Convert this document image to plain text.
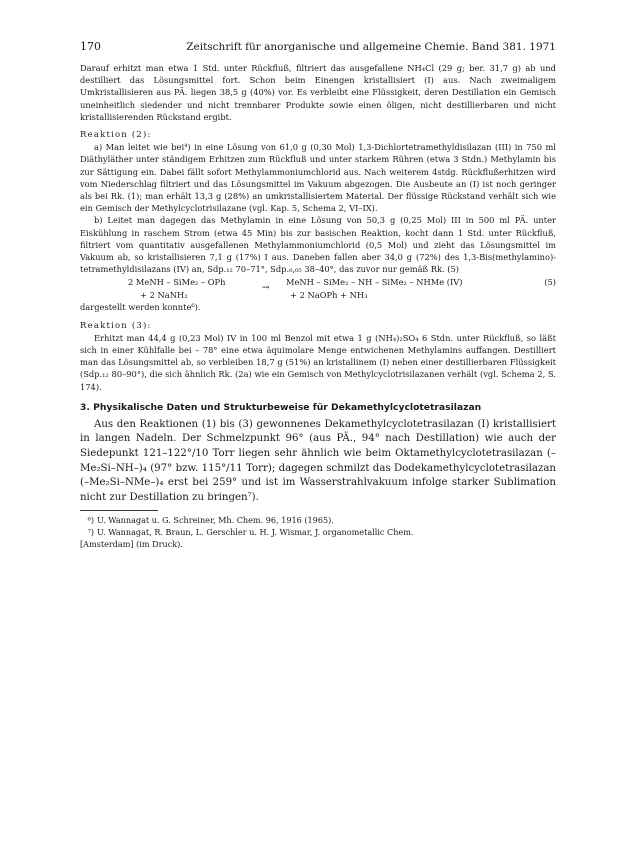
170	Zeitschrift für anorganische und allgemeine Chemie. Band 381. 1971

Darauf erhitzt man etwa 1 Std. unter Rückfluß, filtriert das ausgefallene NH₄Cl (29 g; ber. 31,7 g) ab und destilliert das Lösungsmittel fort. Schon beim Einengen kristallisiert (I) aus. Nach zweimaligem Umkristallisieren aus PÄ. liegen 38,5 g (40%) vor. Es verbleibt eine Flüssigkeit, deren Destillation ein Gemisch uneinheitlich siedender und nicht trennbarer Produkte sowie einen öligen, nicht destillierbaren und nicht kristallisierenden Rückstand ergibt.

Reaktion (2):

a) Man leitet wie bei⁴) in eine Lösung von 61,0 g (0,30 Mol) 1,3-Dichlortetramethyldisilazan (III) in 750 ml Diäthyläther unter ständigem Erhitzen zum Rückfluß und unter starkem Rühren (etwa 3 Stdn.) Methylamin bis zur Sättigung ein. Dabei fällt sofort Methylammoniumchlorid aus. Nach weiterem 4stdg. Rückflußerhitzen wird vom Niederschlag filtriert und das Lösungsmittel im Vakuum abgezogen. Die Ausbeute an (I) ist noch geringer als bei Rk. (1); man erhält 13,3 g (28%) an umkristallisiertem Material. Der flüssige Rückstand verhält sich wie ein Gemisch der Methylcyclotrisilazane (vgl. Kap. 5, Schema 2, VI–IX).

b) Leitet man dagegen das Methylamin in eine Lösung von 50,3 g (0,25 Mol) III in 500 ml PÄ. unter Eiskühlung in raschem Strom (etwa 45 Min) bis zur basischen Reaktion, kocht dann 1 Std. unter Rückfluß, filtriert vom quantitativ ausgefallenen Methylammoniumchlorid (0,5 Mol) und zieht das Lösungsmittel im Vakuum ab, so kristallisieren 7,1 g (17%) I aus. Daneben fallen aber 34,0 g (72%) des 1,3-Bis(methylamino)-tetramethyldisilazans (IV) an, Sdp.₁₂ 70–71°, Sdp.₀,₀₅ 38–40°, das zuvor nur gemäß Rk. (5)

2 MeNH – SiMe₂ – OPh
→
MeNH – SiMe₂ – NH – SiMe₂ – NHMe (IV)	(5)
+ 2 NaNH₂	+ 2 NaOPh + NH₃

dargestellt werden konnte⁶).

Reaktion (3):

Erhitzt man 44,4 g (0,23 Mol) IV in 100 ml Benzol mit etwa 1 g (NH₄)₂SO₄ 6 Stdn. unter Rückfluß, so läßt sich in einer Kühlfalle bei – 78° eine etwa äquimolare Menge entwichenen Methylamins auffangen. Destilliert man das Lösungsmittel ab, so verbleiben 18,7 g (51%) an kristallinem (I) neben einer destillierbaren Flüssigkeit (Sdp.₁₂ 80–90°), die sich ähnlich Rk. (2a) wie ein Gemisch von Methylcyclotrisilazanen verhält (vgl. Schema 2, S. 174).

3. Physikalische Daten und Strukturbeweise für Dekamethylcyclotetrasilazan

Aus den Reaktionen (1) bis (3) gewonnenes Dekamethylcyclotetrasilazan (I) kristallisiert in langen Nadeln. Der Schmelzpunkt 96° (aus PÄ., 94° nach Destillation) wie auch der Siedepunkt 121–122°/10 Torr liegen sehr ähnlich wie beim Oktamethylcyclotetrasilazan (–Me₂Si–NH–)₄ (97° bzw. 115°/11 Torr); dagegen schmilzt das Dodekamethylcyclotetrasilazan (–Me₂Si–NMe–)₄ erst bei 259° und ist im Wasserstrahlvakuum infolge starker Sublimation nicht zur Destillation zu bringen⁷).

⁶) U. Wannagat u. G. Schreiner, Mh. Chem. 96, 1916 (1965).

⁷) U. Wannagat, R. Braun, L. Gerschler u. H. J. Wismar, J. organometallic Chem.

[Amsterdam] (im Druck).
